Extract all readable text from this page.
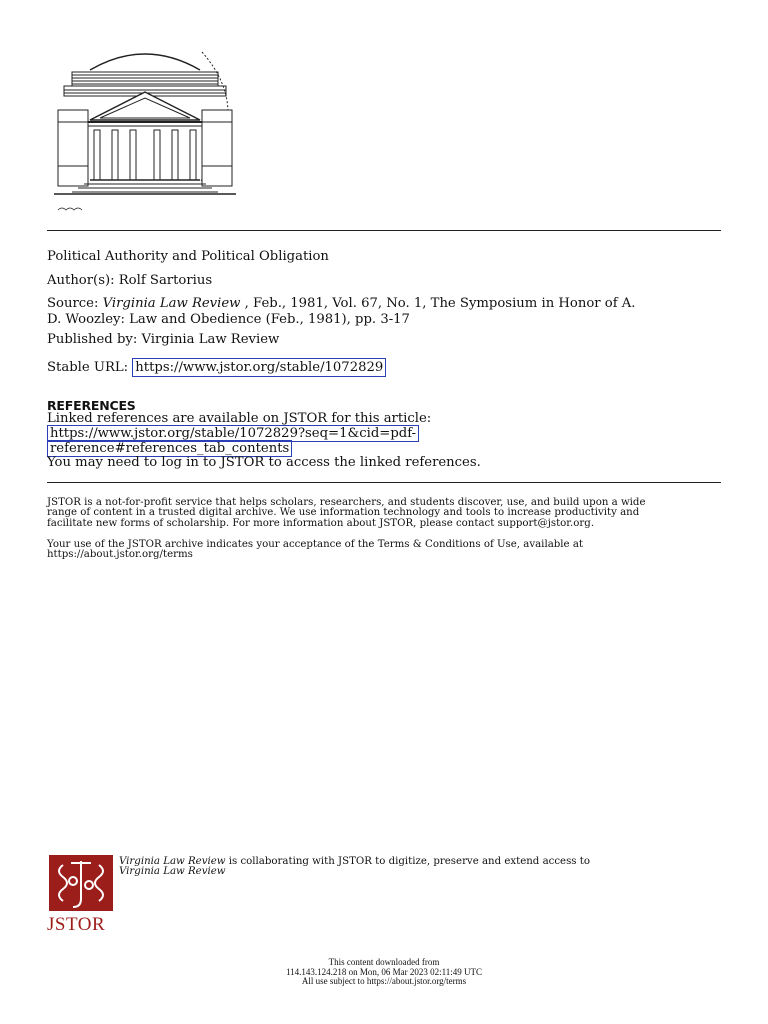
Political Authority and Political Obligation
Author(s): Rolf Sartorius
Source: Virginia Law Review , Feb., 1981, Vol. 67, No. 1, The Symposium in Honor of A.
D. Woozley: Law and Obedience (Feb., 1981), pp. 3-17
Published by: Virginia Law Review
Stable URL: https://www.jstor.org/stable/1072829
REFERENCES
Linked references are available on JSTOR for this article:
https://www.jstor.org/stable/1072829?seq=1&cid=pdf-
reference#references_tab_contents
You may need to log in to JSTOR to access the linked references.
JSTOR is a not-for-profit service that helps scholars, researchers, and students discover, use, and build upon a wide
range of content in a trusted digital archive. We use information technology and tools to increase productivity and
facilitate new forms of scholarship. For more information about JSTOR, please contact support@jstor.org.
Your use of the JSTOR archive indicates your acceptance of the Terms & Conditions of Use, available at
https://about.jstor.org/terms
JSTOR
Virginia Law Review is collaborating with JSTOR to digitize, preserve and extend access to
Virginia Law Review
This content downloaded from
114.143.124.218 on Mon, 06 Mar 2023 02:11:49 UTC
All use subject to https://about.jstor.org/terms
